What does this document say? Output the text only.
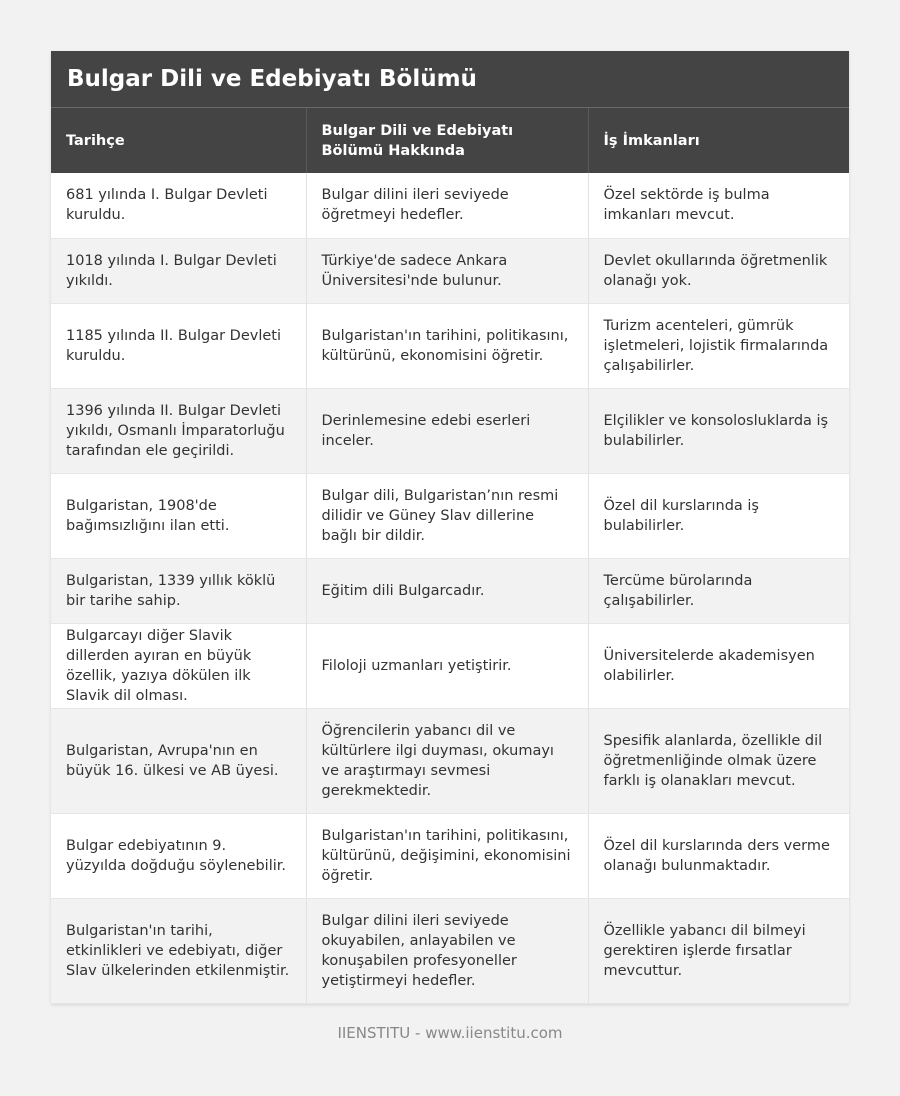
Bulgar Dili ve Edebiyatı Bölümü
Tarihçe	Bulgar Dili ve Edebiyatı Bölümü Hakkında	İş İmkanları
681 yılında I. Bulgar Devleti kuruldu.	Bulgar dilini ileri seviyede öğretmeyi hedefler.	Özel sektörde iş bulma imkanları mevcut.
1018 yılında I. Bulgar Devleti yıkıldı.	Türkiye'de sadece Ankara Üniversitesi'nde bulunur.	Devlet okullarında öğretmenlik olanağı yok.
1185 yılında II. Bulgar Devleti kuruldu.	Bulgaristan'ın tarihini, politikasını, kültürünü, ekonomisini öğretir.	Turizm acenteleri, gümrük işletmeleri, lojistik firmalarında çalışabilirler.
1396 yılında II. Bulgar Devleti yıkıldı, Osmanlı İmparatorluğu tarafından ele geçirildi.	Derinlemesine edebi eserleri inceler.	Elçilikler ve konsolosluklarda iş bulabilirler.
Bulgaristan, 1908'de bağımsızlığını ilan etti.	Bulgar dili, Bulgaristan’nın resmi dilidir ve Güney Slav dillerine bağlı bir dildir.	Özel dil kurslarında iş bulabilirler.
Bulgaristan, 1339 yıllık köklü bir tarihe sahip.	Eğitim dili Bulgarcadır.	Tercüme bürolarında çalışabilirler.
Bulgarcayı diğer Slavik dillerden ayıran en büyük özellik, yazıya dökülen ilk Slavik dil olması.	Filoloji uzmanları yetiştirir.	Üniversitelerde akademisyen olabilirler.
Bulgaristan, Avrupa'nın en büyük 16. ülkesi ve AB üyesi.	Öğrencilerin yabancı dil ve kültürlere ilgi duyması, okumayı ve araştırmayı sevmesi gerekmektedir.	Spesifik alanlarda, özellikle dil öğretmenliğinde olmak üzere farklı iş olanakları mevcut.
Bulgar edebiyatının 9. yüzyılda doğduğu söylenebilir.	Bulgaristan'ın tarihini, politikasını, kültürünü, değişimini, ekonomisini öğretir.	Özel dil kurslarında ders verme olanağı bulunmaktadır.
Bulgaristan'ın tarihi, etkinlikleri ve edebiyatı, diğer Slav ülkelerinden etkilenmiştir.	Bulgar dilini ileri seviyede okuyabilen, anlayabilen ve konuşabilen profesyoneller yetiştirmeyi hedefler.	Özellikle yabancı dil bilmeyi gerektiren işlerde fırsatlar mevcuttur.
IIENSTITU - www.iienstitu.com
